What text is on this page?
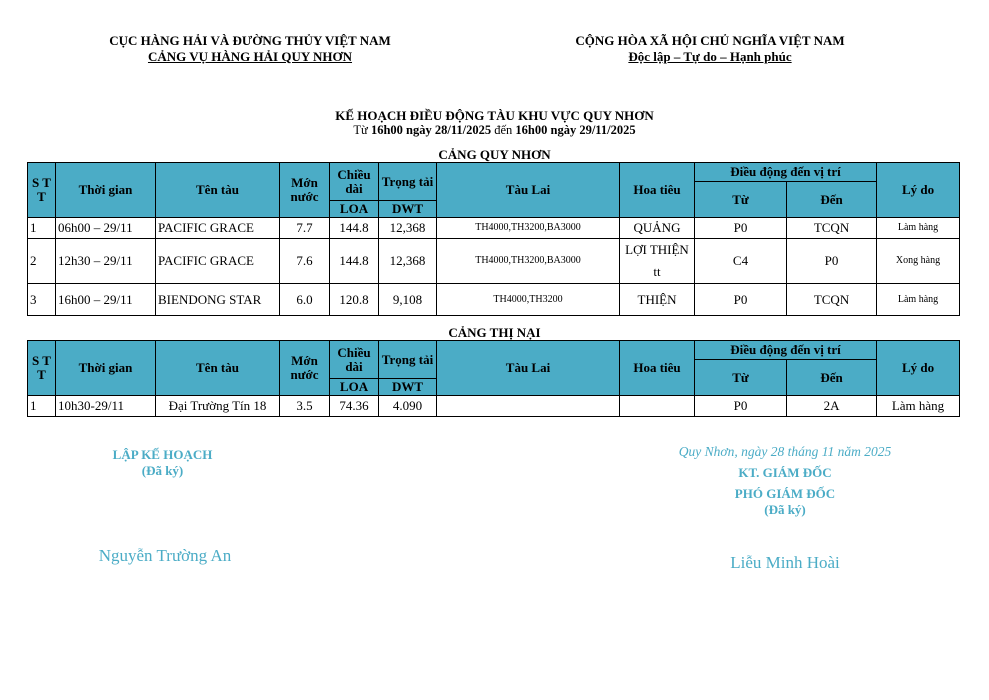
CỤC HÀNG HẢI VÀ ĐƯỜNG THỦY VIỆT NAM
CẢNG VỤ HÀNG HẢI QUY NHƠN
CỘNG HÒA XÃ HỘI CHỦ NGHĨA VIỆT NAM
Độc lập – Tự do – Hạnh phúc
KẾ HOẠCH ĐIỀU ĐỘNG TÀU KHU VỰC QUY NHƠN
Từ 16h00 ngày 28/11/2025 đến 16h00 ngày 29/11/2025
CẢNG QUY NHƠN
S T T	Thời gian	Tên tàu	Mớn nước	Chiều dài	Trọng tải	Tàu Lai	Hoa tiêu	Điều động đến vị trí		Lý do
								Từ	Đến	
				LOA	DWT					
1	06h00 – 29/11	PACIFIC GRACE	7.7	144.8	12,368	TH4000,TH3200,BA3000	QUẢNG	P0	TCQN	Làm hàng
2	12h30 – 29/11	PACIFIC GRACE	7.6	144.8	12,368	TH4000,TH3200,BA3000	LỢI THIỆN tt	C4	P0	Xong hàng
3	16h00 – 29/11	BIENDONG STAR	6.0	120.8	9,108	TH4000,TH3200	THIỆN	P0	TCQN	Làm hàng
CẢNG THỊ NẠI
S T T	Thời gian	Tên tàu	Mớn nước	Chiều dài	Trọng tải	Tàu Lai	Hoa tiêu	Điều động đến vị trí		Lý do
								Từ	Đến	
				LOA	DWT					
1	10h30-29/11	Đại Trường Tín 18	3.5	74.36	4.090			P0	2A	Làm hàng
LẬP KẾ HOẠCH
(Đã ký)
Nguyễn Trường An
Quy Nhơn, ngày 28 tháng 11 năm 2025
KT. GIÁM ĐỐC
PHÓ GIÁM ĐỐC
(Đã ký)
Liễu Minh Hoài
